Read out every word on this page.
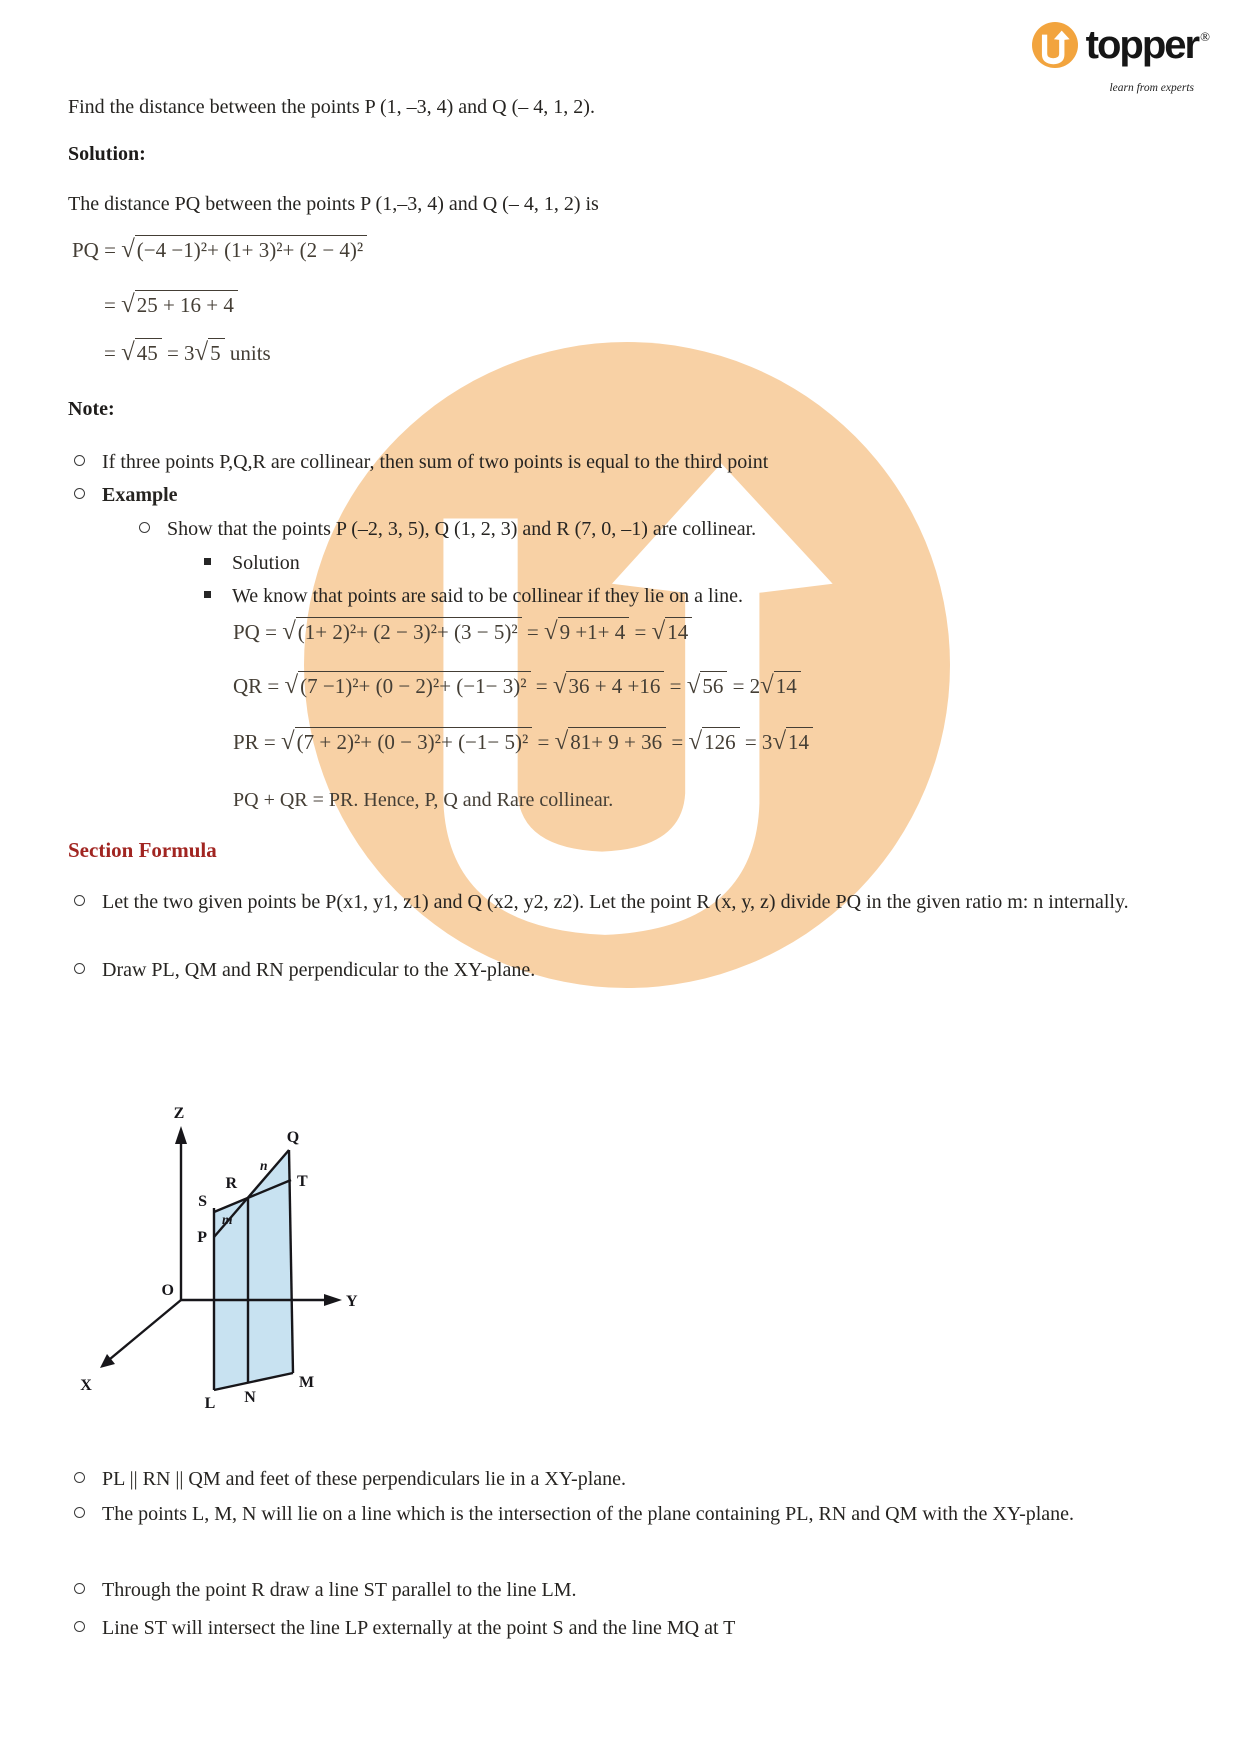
topper ®
learn from experts
Find the distance between the points P (1, –3, 4) and Q (– 4, 1, 2).
Solution:
The distance PQ between the points P (1,–3, 4) and Q (– 4, 1, 2) is
PQ = √(−4 −1)²+ (1+ 3)²+ (2 − 4)²
= √25 + 16 + 4
= √45 = 3√5 units
Note:
If three points P,Q,R are collinear, then sum of two points is equal to the third point
Example
Show that the points P (–2, 3, 5), Q (1, 2, 3) and R (7, 0, –1) are collinear.
Solution
We know that points are said to be collinear if they lie on a line.
PQ = √(1+ 2)²+ (2 − 3)²+ (3 − 5)² = √9 +1+ 4 = √14
QR = √(7 −1)²+ (0 − 2)²+ (−1− 3)² = √36 + 4 +16 = √56 = 2√14
PR = √(7 + 2)²+ (0 − 3)²+ (−1− 5)² = √81+ 9 + 36 = √126 = 3√14
PQ + QR = PR. Hence, P, Q and Rare collinear.
Section Formula
Let the two given points be P(x1, y1, z1) and Q (x2, y2, z2). Let the point R (x, y, z) divide PQ in the given ratio m: n internally.
Draw PL, QM and RN perpendicular to the XY-plane.
Z
Y
X
O
P
Q
R
S
T
L N
M
m
n
PL || RN || QM and feet of these perpendiculars lie in a XY-plane.
The points L, M, N will lie on a line which is the intersection of the plane containing PL, RN and QM with the XY-plane.
Through the point R draw a line ST parallel to the line LM.
Line ST will intersect the line LP externally at the point S and the line MQ at T
